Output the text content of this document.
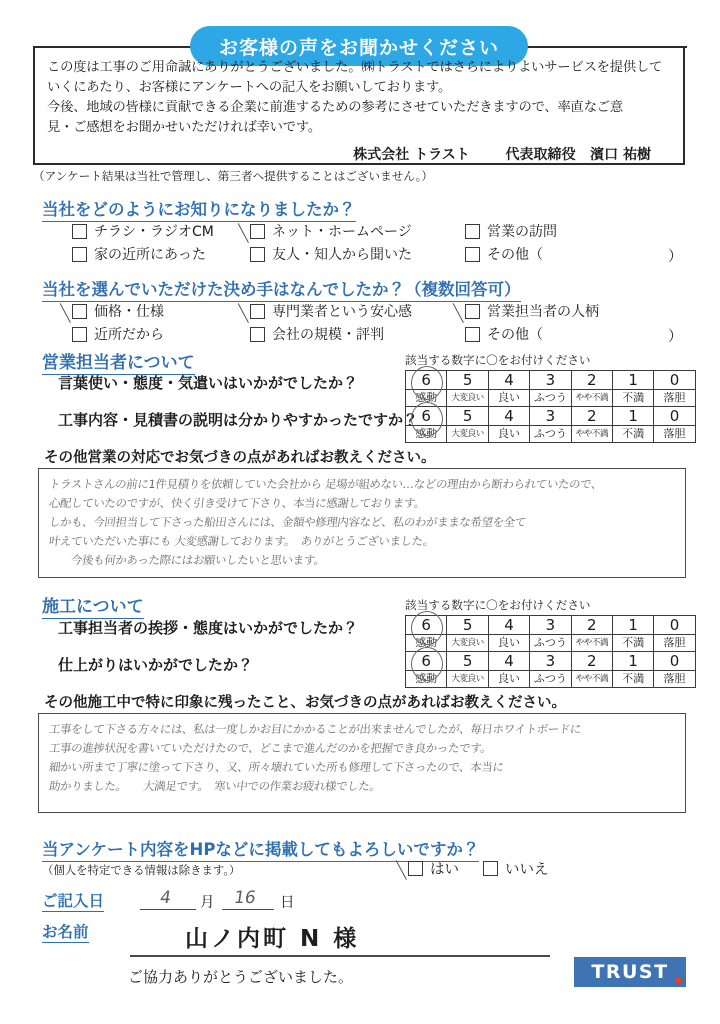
お客様の声をお聞かせください
この度は工事のご用命誠にありがとうございました。㈱トラストではさらによりよいサービスを提供して
いくにあたり、お客様にアンケートへの記入をお願いしております。
今後、地域の皆様に貢献できる企業に前進するための参考にさせていただきますので、率直なご意
見・ご感想をお聞かせいただければ幸いです。
株式会社 トラスト	代表取締役 濱口 祐樹
（アンケート結果は当社で管理し、第三者へ提供することはございません。）
当社をどのようにお知りになりましたか？
チラシ・ラジオCM	ネット・ホームページ	営業の訪問
家の近所にあった	友人・知人から聞いた	その他（	）
当社を選んでいただけた決め手はなんでしたか？（複数回答可）
価格・仕様	専門業者という安心感	営業担当者の人柄
近所だから	会社の規模・評判	その他（	）
営業担当者について
言葉使い・態度・気遣いはいかがでしたか？
工事内容・見積書の説明は分かりやすかったですか？
該当する数字に〇をお付けください
6	5	4	3	2	1	0
感動	大変良い	良い	ふつう	やや不満	不満	落胆
6	5	4	3	2	1	0
感動	大変良い	良い	ふつう	やや不満	不満	落胆
その他営業の対応でお気づきの点があればお教えください。
トラストさんの前に1件見積りを依頼していた会社から 足場が組めない…などの理由から断わられていたので、
心配していたのですが、快く引き受けて下さり、本当に感謝しております。
しかも、今回担当して下さった船田さんには、金額や修理内容など、私のわがままな希望を全て
叶えていただいた事にも 大変感謝しております。　ありがとうございました。
今後も何かあった際にはお願いしたいと思います。
施工について
工事担当者の挨拶・態度はいかがでしたか？
仕上がりはいかがでしたか？
該当する数字に〇をお付けください
6	5	4	3	2	1	0
感動	大変良い	良い	ふつう	やや不満	不満	落胆
6	5	4	3	2	1	0
感動	大変良い	良い	ふつう	やや不満	不満	落胆
その他施工中で特に印象に残ったこと、お気づきの点があればお教えください。
工事をして下さる方々には、私は一度しかお目にかかることが出来ませんでしたが、毎日ホワイトボードに
工事の進捗状況を書いていただけたので、どこまで進んだのかを把握でき良かったです。
細かい所まで丁寧に塗って下さり、又、所々壊れていた所も修理して下さったので、本当に
助かりました。　　大満足です。　寒い中での作業お疲れ様でした。
当アンケート内容をHPなどに掲載してもよろしいですか？
（個人を特定できる情報は除きます。）	はい	いいえ
ご記入日	4 月 16 日
お名前	山ノ内町 N 様
ご協力ありがとうございました。	TRUST
